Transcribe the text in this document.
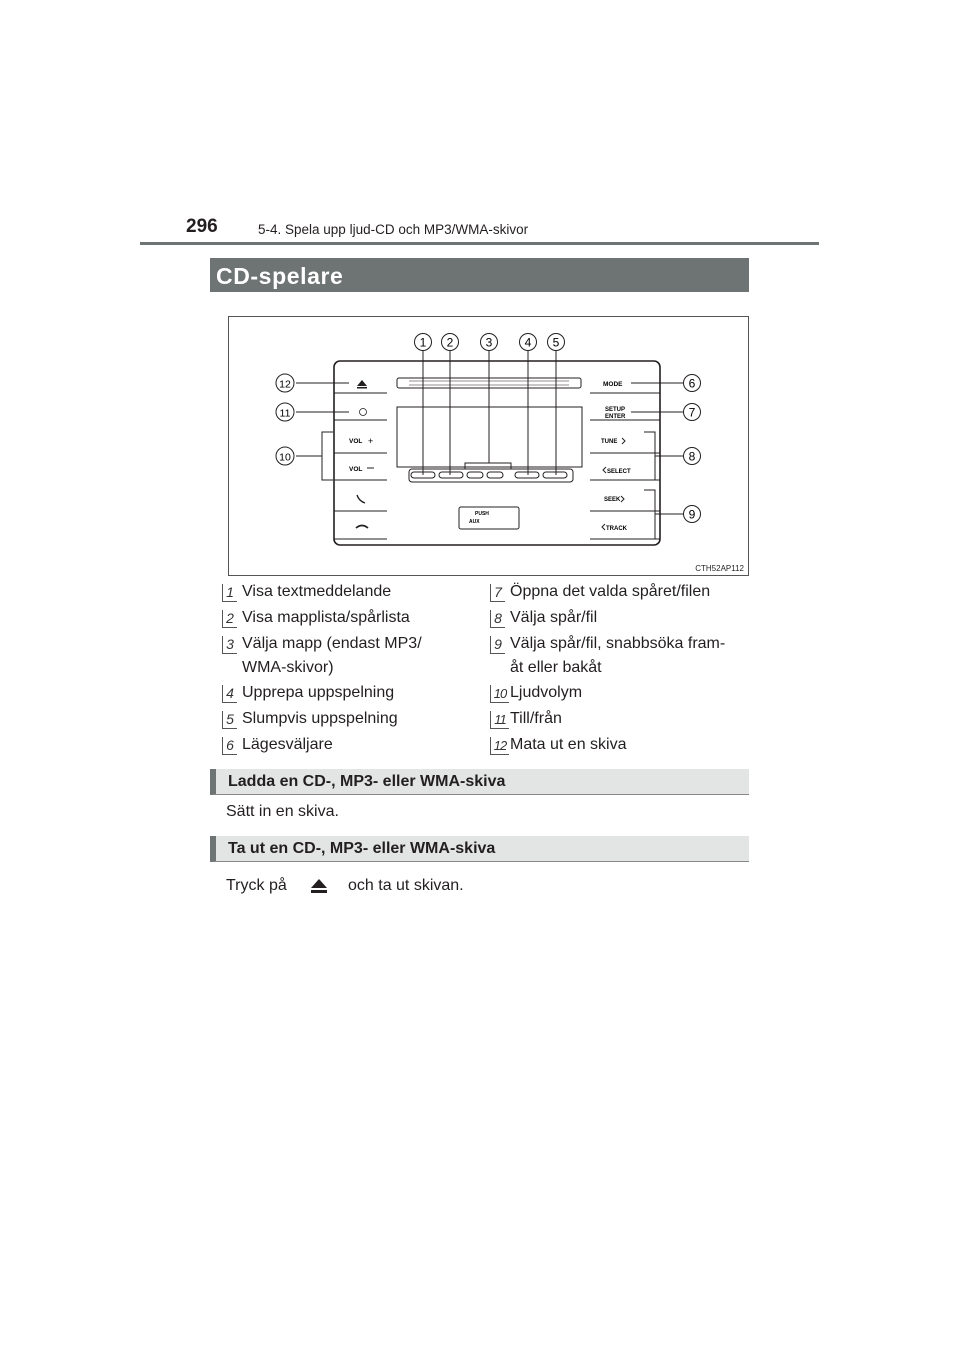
296	5-4. Spela upp ljud-CD och MP3/WMA-skivor
CD-spelare
PUSH
AUX
VOL +
VOL
MODE
SETUP
ENTER
TUNE
SELECT
SEEK
TRACK
1 2	3	4 5
6
7
8
9
10
11
12
CTH52AP112
1 Visa textmeddelande
2 Visa mapplista/spårlista
3 Välja mapp (endast MP3/
WMA-skivor)
4 Upprepa uppspelning
5 Slumpvis uppspelning
6 Lägesväljare
7 Öppna det valda spåret/filen
8 Välja spår/fil
9 Välja spår/fil, snabbsöka fram-
åt eller bakåt
10 Ljudvolym
11 Till/från
12 Mata ut en skiva
Ladda en CD-, MP3- eller WMA-skiva
Sätt in en skiva.
Ta ut en CD-, MP3- eller WMA-skiva
Tryck på	och ta ut skivan.
